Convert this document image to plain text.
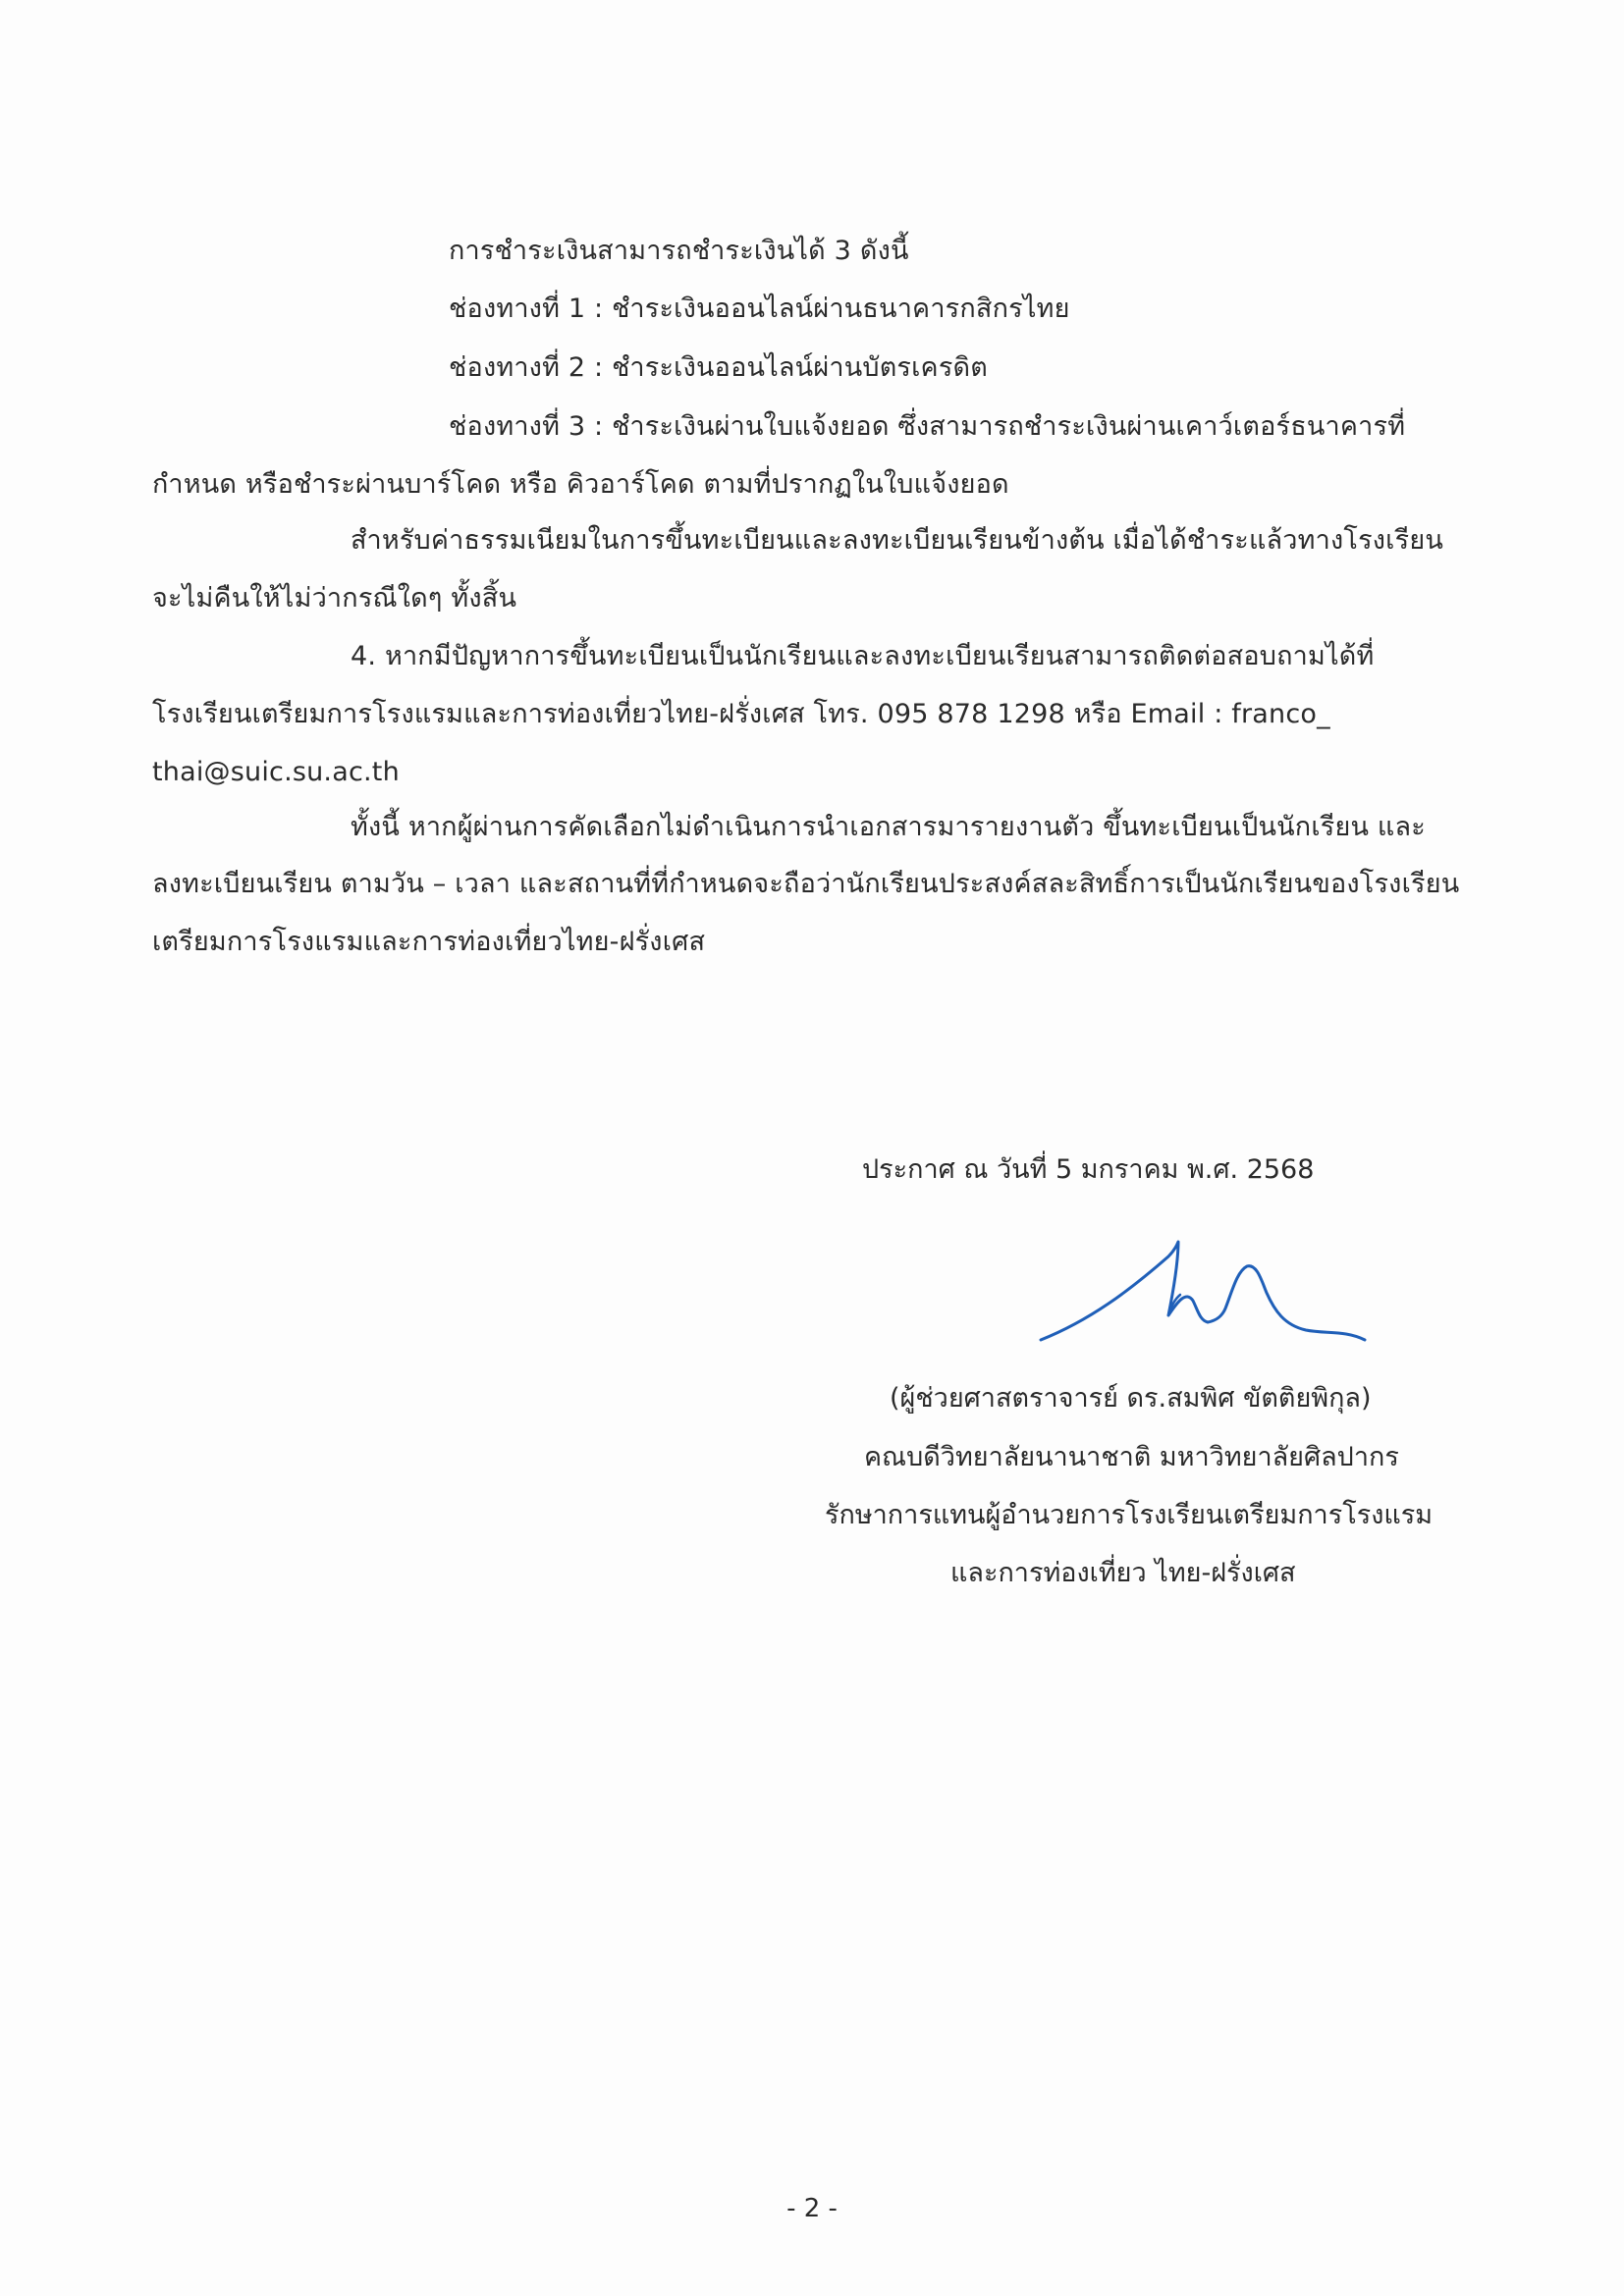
การชำระเงินสามารถชำระเงินได้ 3 ดังนี้
ช่องทางที่ 1 : ชำระเงินออนไลน์ผ่านธนาคารกสิกรไทย
ช่องทางที่ 2 : ชำระเงินออนไลน์ผ่านบัตรเครดิต
ช่องทางที่ 3 : ชำระเงินผ่านใบแจ้งยอด ซึ่งสามารถชำระเงินผ่านเคาว์เตอร์ธนาคารที่
กำหนด หรือชำระผ่านบาร์โคด หรือ คิวอาร์โคด ตามที่ปรากฏในใบแจ้งยอด
สำหรับค่าธรรมเนียมในการขึ้นทะเบียนและลงทะเบียนเรียนข้างต้น เมื่อได้ชำระแล้วทางโรงเรียน
จะไม่คืนให้ไม่ว่ากรณีใดๆ ทั้งสิ้น
4. หากมีปัญหาการขึ้นทะเบียนเป็นนักเรียนและลงทะเบียนเรียนสามารถติดต่อสอบถามได้ที่
โรงเรียนเตรียมการโรงแรมและการท่องเที่ยวไทย-ฝรั่งเศส โทร. 095 878 1298 หรือ Email : franco_
thai@suic.su.ac.th
ทั้งนี้ หากผู้ผ่านการคัดเลือกไม่ดำเนินการนำเอกสารมารายงานตัว ขึ้นทะเบียนเป็นนักเรียน และ
ลงทะเบียนเรียน ตามวัน – เวลา และสถานที่ที่กำหนดจะถือว่านักเรียนประสงค์สละสิทธิ์การเป็นนักเรียนของโรงเรียน
เตรียมการโรงแรมและการท่องเที่ยวไทย-ฝรั่งเศส
ประกาศ ณ วันที่ 5 มกราคม พ.ศ. 2568
(ผู้ช่วยศาสตราจารย์ ดร.สมพิศ ขัตติยพิกุล)
คณบดีวิทยาลัยนานาชาติ มหาวิทยาลัยศิลปากร
รักษาการแทนผู้อำนวยการโรงเรียนเตรียมการโรงแรม
และการท่องเที่ยว ไทย-ฝรั่งเศส
- 2 -
